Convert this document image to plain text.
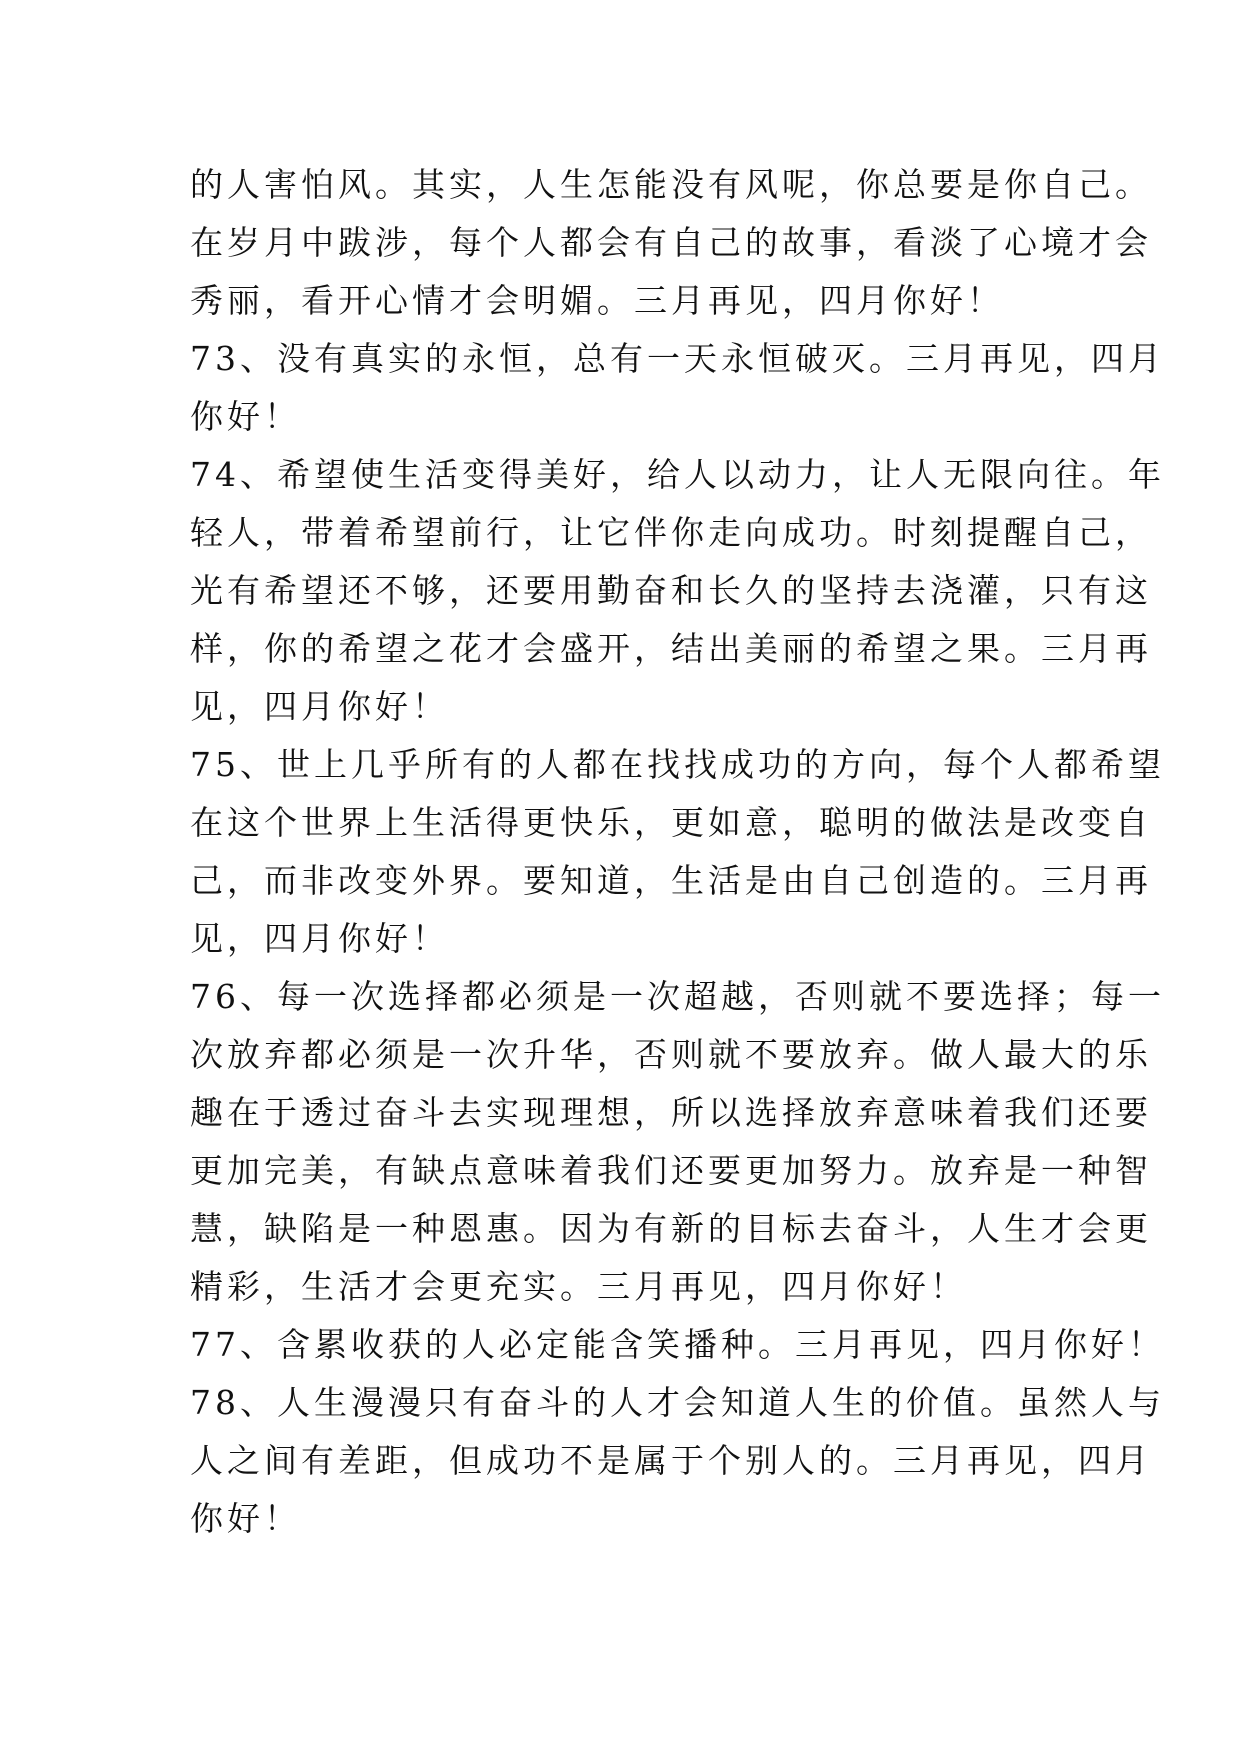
的人害怕风。其实，人生怎能没有风呢，你总要是你自己。
在岁月中跋涉，每个人都会有自己的故事，看淡了心境才会
秀丽，看开心情才会明媚。三月再见，四月你好！
73、没有真实的永恒，总有一天永恒破灭。三月再见，四月
你好！
74、希望使生活变得美好，给人以动力，让人无限向往。年
轻人，带着希望前行，让它伴你走向成功。时刻提醒自己，
光有希望还不够，还要用勤奋和长久的坚持去浇灌，只有这
样，你的希望之花才会盛开，结出美丽的希望之果。三月再
见，四月你好！
75、世上几乎所有的人都在找找成功的方向，每个人都希望
在这个世界上生活得更快乐，更如意，聪明的做法是改变自
己，而非改变外界。要知道，生活是由自己创造的。三月再
见，四月你好！
76、每一次选择都必须是一次超越，否则就不要选择；每一
次放弃都必须是一次升华，否则就不要放弃。做人最大的乐
趣在于透过奋斗去实现理想，所以选择放弃意味着我们还要
更加完美，有缺点意味着我们还要更加努力。放弃是一种智
慧，缺陷是一种恩惠。因为有新的目标去奋斗，人生才会更
精彩，生活才会更充实。三月再见，四月你好！
77、含累收获的人必定能含笑播种。三月再见，四月你好！
78、人生漫漫只有奋斗的人才会知道人生的价值。虽然人与
人之间有差距，但成功不是属于个别人的。三月再见，四月
你好！
